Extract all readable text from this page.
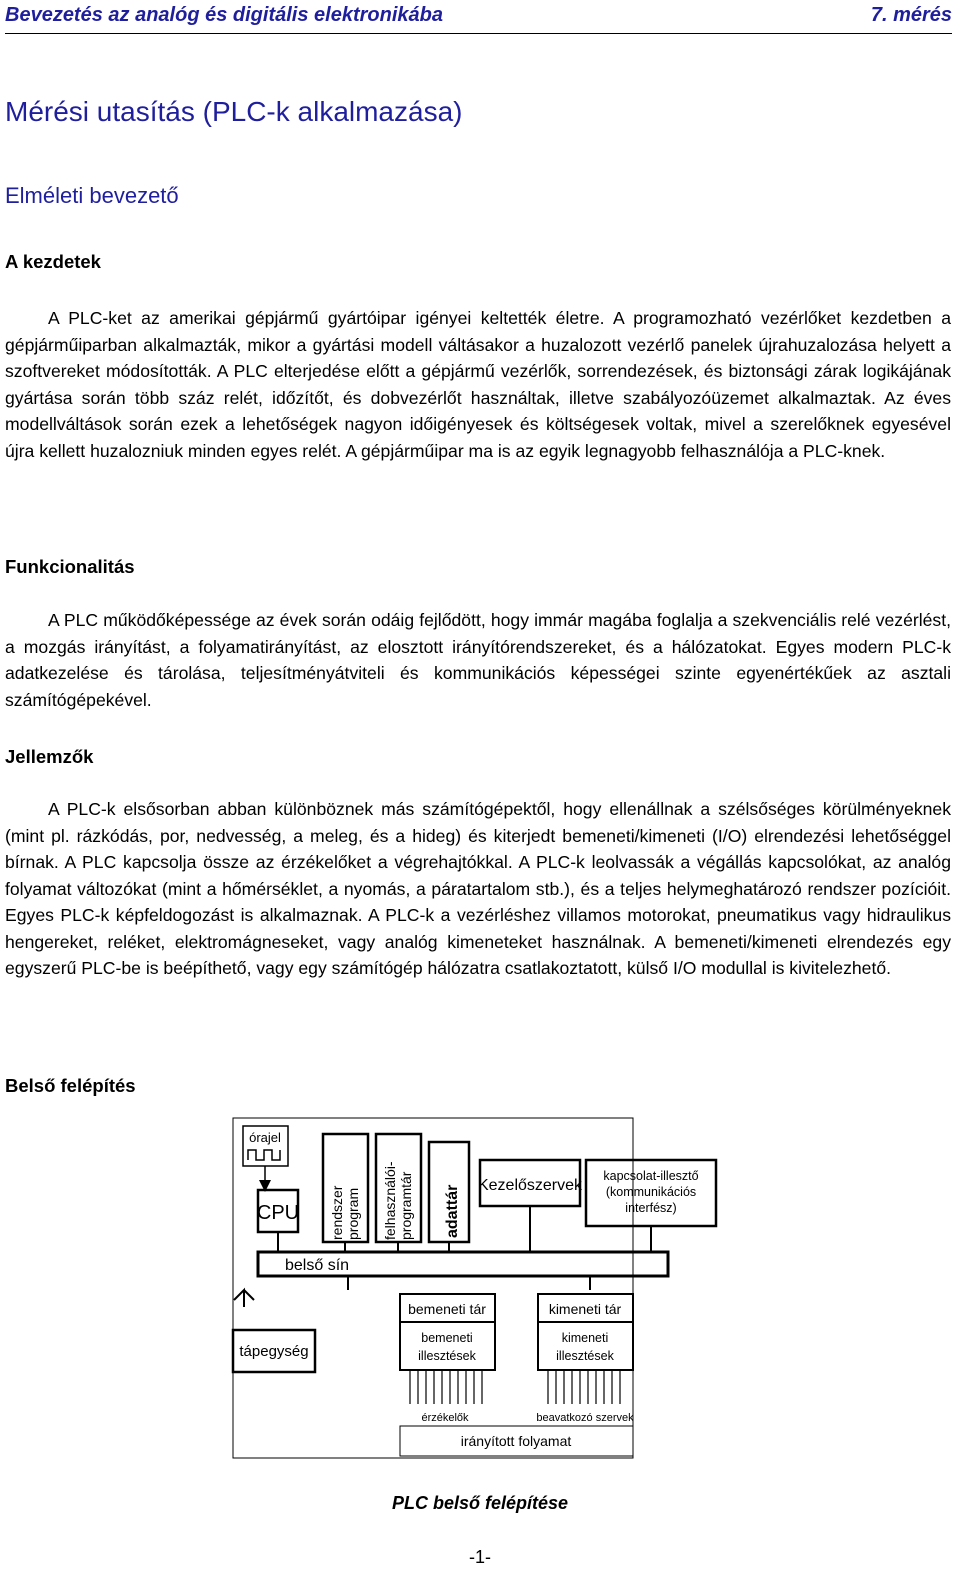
Bevezetés az analóg és digitális elektronikába	7. mérés
Mérési utasítás (PLC-k alkalmazása)
Elméleti bevezető
A kezdetek

A PLC-ket az amerikai gépjármű gyártóipar igényei keltették életre. A programozható vezérlőket kezdetben a gépjárműiparban alkalmazták, mikor a gyártási modell váltásakor a huzalozott vezérlő panelek újrahuzalozása helyett a szoftvereket módosították. A PLC elterjedése előtt a gépjármű vezérlők, sorrendezések, és biztonsági zárak logikájának gyártása során több száz relét, időzítőt, és dobvezérlőt használtak, illetve szabályozóüzemet alkalmaztak. Az éves modellváltások során ezek a lehetőségek nagyon időigényesek és költségesek voltak, mivel a szerelőknek egyesével újra kellett huzalozniuk minden egyes relét. A gépjárműipar ma is az egyik legnagyobb felhasználója a PLC-knek.

Funkcionalitás

A PLC működőképessége az évek során odáig fejlődött, hogy immár magába foglalja a szekvenciális relé vezérlést, a mozgás irányítást, a folyamatirányítást, az elosztott irányítórendszereket, és a hálózatokat. Egyes modern PLC-k adatkezelése és tárolása, teljesítményátviteli és kommunikációs képességei szinte egyenértékűek az asztali számítógépekével.

Jellemzők

A PLC-k elsősorban abban különböznek más számítógépektől, hogy ellenállnak a szélsőséges körülményeknek (mint pl. rázkódás, por, nedvesség, a meleg, és a hideg) és kiterjedt bemeneti/kimeneti (I/O) elrendezési lehetőséggel bírnak. A PLC kapcsolja össze az érzékelőket a végrehajtókkal. A PLC-k leolvassák a végállás kapcsolókat, az analóg folyamat változókat (mint a hőmérséklet, a nyomás, a páratartalom stb.), és a teljes helymeghatározó rendszer pozícióit. Egyes PLC-k képfeldogozást is alkalmaznak. A PLC-k a vezérléshez villamos motorokat, pneumatikus vagy hidraulikus hengereket, reléket, elektromágneseket, vagy analóg kimeneteket használnak. A bemeneti/kimeneti elrendezés egy egyszerű PLC-be is beépíthető, vagy egy számítógép hálózatra csatlakoztatott, külső I/O modullal is kivitelezhető.

Belső felépítés
órajel
CPU rendszer program felhasználói- programtár adattár Kezelőszervek
kapcsolat-illesztő
(kommunikációs
interfész)
belső sín
tápegység
bemeneti tár
bemeneti
illesztések
kimeneti tár
kimeneti
illesztések
érzékelők	beavatkozó szervek
irányított folyamat
PLC belső felépítése
-1-
